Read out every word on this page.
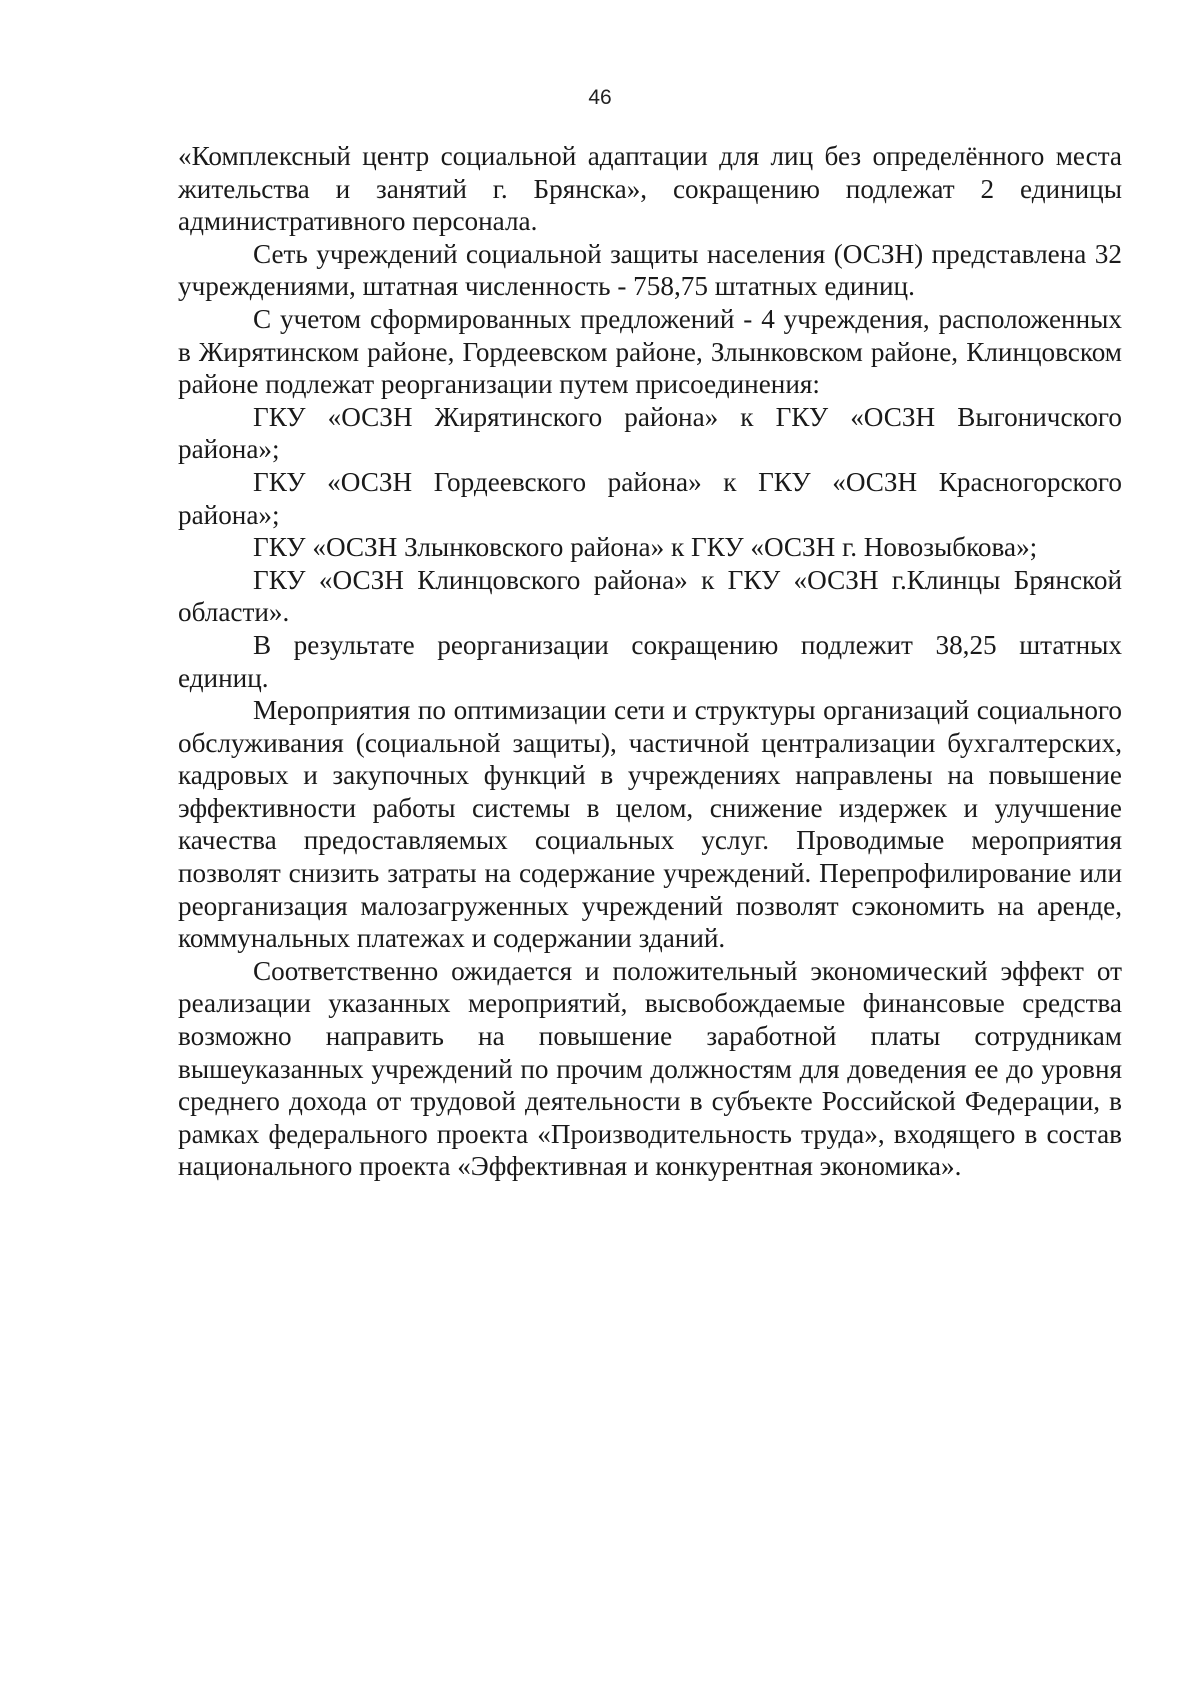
46

«Комплексный центр социальной адаптации для лиц без определённого места жительства и занятий г. Брянска», сокращению подлежат 2 единицы административного персонала.

Сеть учреждений социальной защиты населения (ОСЗН) представлена 32 учреждениями, штатная численность - 758,75 штатных единиц.

С учетом сформированных предложений - 4 учреждения, расположенных в Жирятинском районе, Гордеевском районе, Злынковском районе, Клинцовском районе подлежат реорганизации путем присоединения:

ГКУ «ОСЗН Жирятинского района» к ГКУ «ОСЗН Выгоничского района»;

ГКУ «ОСЗН Гордеевского района» к ГКУ «ОСЗН Красногорского района»;

ГКУ «ОСЗН Злынковского района» к ГКУ «ОСЗН г. Новозыбкова»;

ГКУ «ОСЗН Клинцовского района» к ГКУ «ОСЗН г.Клинцы Брянской области».

В результате реорганизации сокращению подлежит 38,25 штатных единиц.

Мероприятия по оптимизации сети и структуры организаций социального обслуживания (социальной защиты), частичной централизации бухгалтерских, кадровых и закупочных функций в учреждениях направлены на повышение эффективности работы системы в целом, снижение издержек и улучшение качества предоставляемых социальных услуг. Проводимые мероприятия позволят снизить затраты на содержание учреждений. Перепрофилирование или реорганизация малозагруженных учреждений позволят сэкономить на аренде, коммунальных платежах и содержании зданий.

Соответственно ожидается и положительный экономический эффект от реализации указанных мероприятий, высвобождаемые финансовые средства возможно направить на повышение заработной платы сотрудникам вышеуказанных учреждений по прочим должностям для доведения ее до уровня среднего дохода от трудовой деятельности в субъекте Российской Федерации, в рамках федерального проекта «Производительность труда», входящего в состав национального проекта «Эффективная и конкурентная экономика».
